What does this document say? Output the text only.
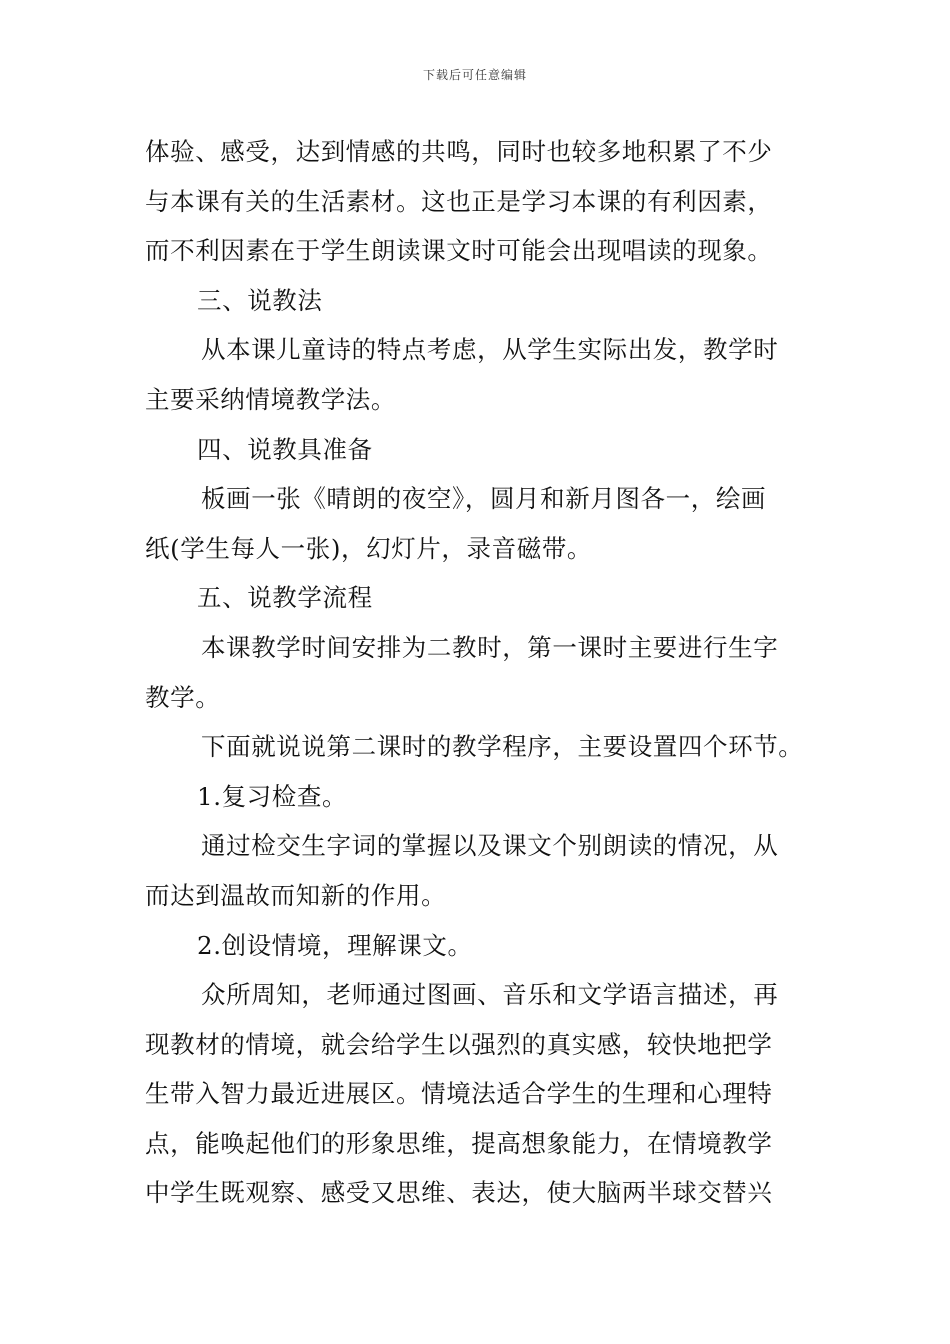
下载后可任意编辑
体验、感受，达到情感的共鸣，同时也较多地积累了不少
与本课有关的生活素材。这也正是学习本课的有利因素，
而不利因素在于学生朗读课文时可能会出现唱读的现象。
三、说教法
从本课儿童诗的特点考虑，从学生实际出发，教学时
主要采纳情境教学法。
四、说教具准备
板画一张《晴朗的夜空》，圆月和新月图各一，绘画
纸(学生每人一张)，幻灯片，录音磁带。
五、说教学流程
本课教学时间安排为二教时，第一课时主要进行生字
教学。
下面就说说第二课时的教学程序，主要设置四个环节。
1.复习检查。
通过检交生字词的掌握以及课文个别朗读的情况，从
而达到温故而知新的作用。
2.创设情境，理解课文。
众所周知，老师通过图画、音乐和文学语言描述，再
现教材的情境，就会给学生以强烈的真实感，较快地把学
生带入智力最近进展区。情境法适合学生的生理和心理特
点，能唤起他们的形象思维，提高想象能力，在情境教学
中学生既观察、感受又思维、表达，使大脑两半球交替兴
